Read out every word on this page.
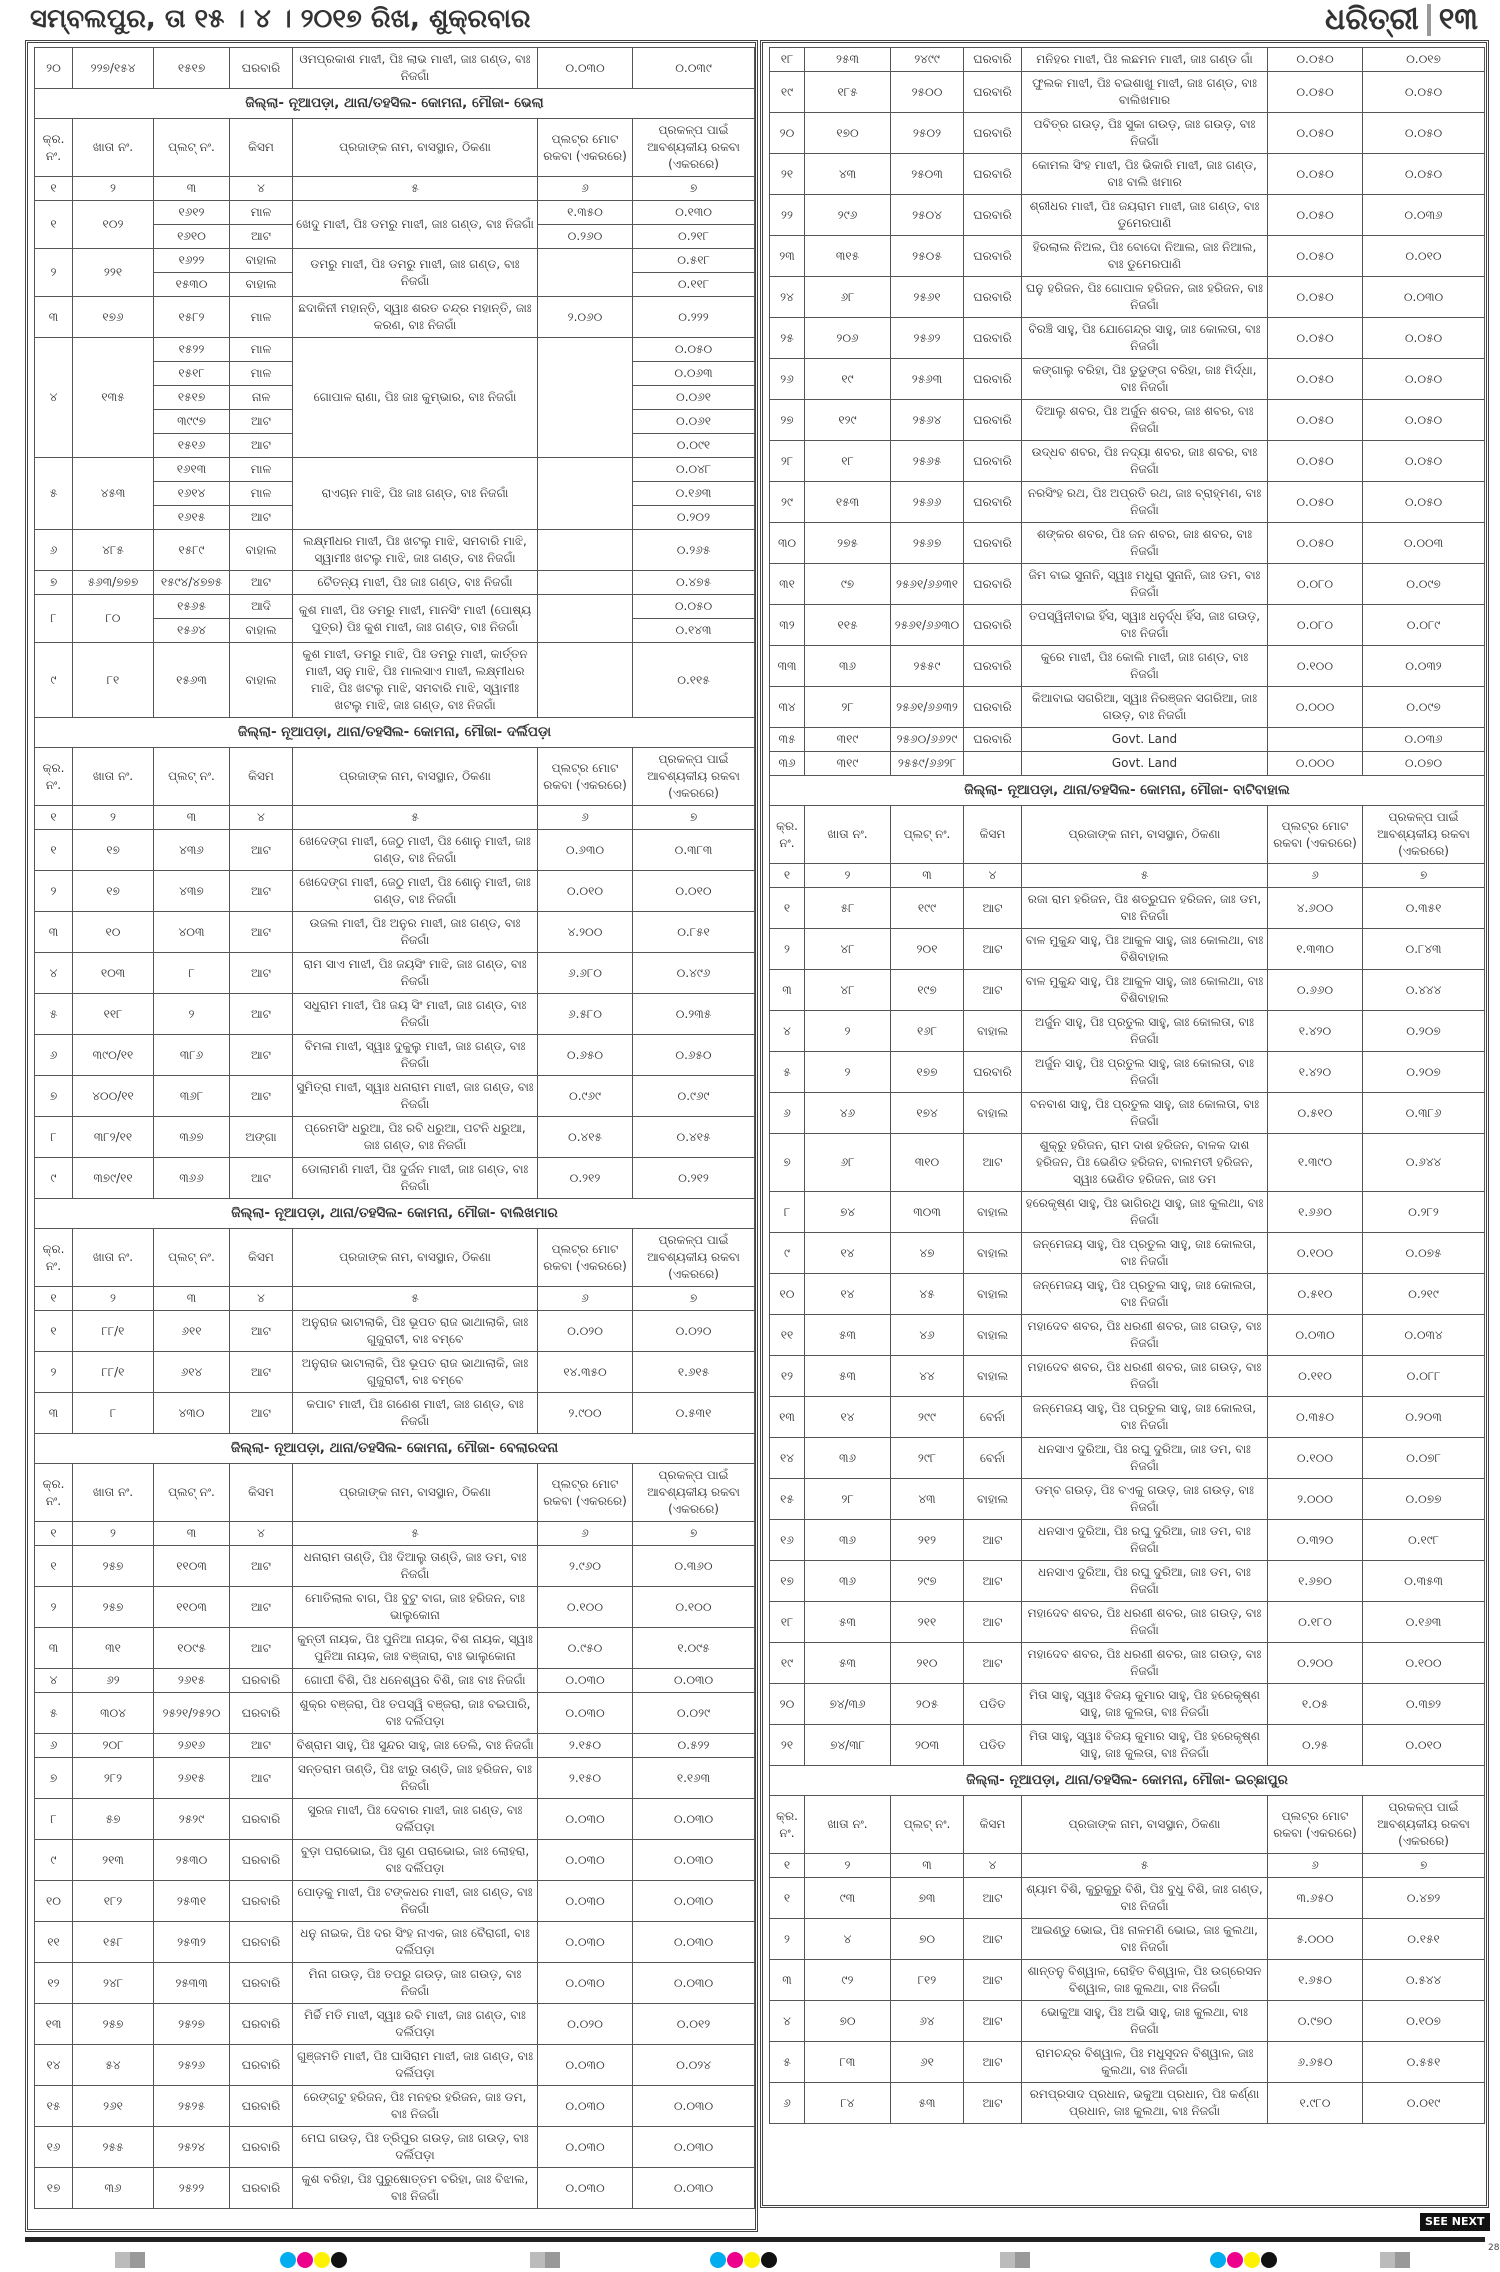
ସମ୍ବଲପୁର, ତା ୧୫ । ୪ । ୨୦୧୭ ରିଖ, ଶୁକ୍ରବାର	ଧରିତ୍ରୀ ୧୩
୨୦	୨୨୭/୧୫୪	୧୫୧୭	ଘରବାରି	ଓମପ୍ରକାଶ ମାଝୀ, ପିଃ ଲାଭ ମାଝୀ, ଜାଃ ଗଣ୍ଡ, ବାଃ ନିଜଗାଁ	୦.୦୩୦	୦.୦୩୯
ଜିଲ୍ଲା- ନୂଆପଡ଼ା, ଥାନା/ତହସିଲ- କୋମନା, ମୌଜା- ଭେଲା						
କ୍ର.ନଂ.	ଖାତା ନଂ.	ପ୍ଲଟ୍ ନଂ.	କିସମ	ପ୍ରଜାଙ୍କ ନାମ, ବାସସ୍ଥାନ, ଠିକଣା	ପ୍ଲଟ୍‌ର ମୋଟ ରକବା (ଏକରରେ)	ପ୍ରକଳ୍ପ ପାଇଁ ଆବଶ୍ୟକୀୟ ରକବା (ଏକରରେ)
୧	୨	୩	୪	୫	୬	୭
୧	୧୦୨	୧୬୧୨	ମାଳ	ଖେଦୁ ମାଝୀ, ପିଃ ଡମରୁ ମାଝୀ, ଜାଃ ଗଣ୍ଡ, ବାଃ ନିଜଗାଁ	୧.୩୫୦	୦.୧୩୦
		୧୬୧୦	ଆଟ		୦.୨୬୦	୦.୨୧୮
୨	୨୨୧	୧୬୨୨	ବାହାଲ	ଡମରୁ ମାଝୀ, ପିଃ ଡମରୁ ମାଝୀ, ଜାଃ ଗଣ୍ଡ, ବାଃ ନିଜଗାଁ		୦.୫୧୮
		୧୫୩୦	ବାହାଲ			୦.୧୧୮
୩	୧୭୬	୧୫୮୨	ମାଳ	ଛଦାକିନୀ ମହାନ୍ତି, ସ୍ୱାଃ ଶରତ ଚନ୍ଦ୍ର ମହାନ୍ତି, ଜାଃ କରଣ, ବାଃ ନିଜଗାଁ	୨.୦୬୦	୦.୨୨୨
୪	୧୩୫	୧୫୨୨	ମାଳ	ଗୋପାଳ ରାଣା, ପିଃ ଜାଃ କୁମ୍ଭାର, ବାଃ ନିଜଗାଁ		୦.୦୫୦
		୧୫୧୮	ମାଳ			୦.୦୬୩
		୧୫୧୭	ନାଳ			୦.୦୬୧
		୩୯୯୭	ଆଟ			୦.୦୬୧
		୧୫୧୬	ଆଟ			୦.୦୯୧
୫	୪୫୩	୧୬୧୩	ମାଳ	ରାଏଚାନ ମାଝି, ପିଃ ଜାଃ ଗଣ୍ଡ, ବାଃ ନିଜଗାଁ		୦.୦୪୮
		୧୬୧୪	ମାଳ			୦.୧୬୩
		୧୬୧୫	ଆଟ			୦.୨୦୨
୬	୪୮୫	୧୫୮୯	ବାହାଲ	ଲକ୍ଷ୍ମୀଧର ମାଝୀ, ପିଃ ଖଟଲୁ ମାଝି, ସମବାରି ମାଝି, ସ୍ୱାମୀଃ ଖଟଲୁ ମାଝି, ଜାଃ ଗଣ୍ଡ, ବାଃ ନିଜଗାଁ		୦.୨୬୫
୭	୫୬୩/୭୭୭	୧୫୯୪/୪୭୭୫	ଆଟ	ଚୈତନ୍ୟ ମାଝୀ, ପିଃ ଜାଃ ଗଣ୍ଡ, ବାଃ ନିଜଗାଁ		୦.୪୭୫
୮	୮୦	୧୫୬୫	ଆଦି	କୁଶ ମାଝୀ, ପିଃ ଡମରୁ ମାଝୀ, ମାନସିଂ ମାଝୀ (ପୋଷ୍ୟ ପୁତ୍ର) ପିଃ କୁଶ ମାଝୀ, ଜାଃ ଗଣ୍ଡ, ବାଃ ନିଜଗାଁ		୦.୦୫୦
		୧୫୬୪	ବାହାଲ			୦.୧୪୩
୯	୮୧	୧୫୬୩	ବାହାଲ	କୁଶ ମାଝୀ, ଡମରୁ ମାଝି, ପିଃ ଡମରୁ ମାଝୀ, କାର୍ତ୍ତନ ମାଝୀ, ସନୁ ମାଝି, ପିଃ ମାଲସାଏ ମାଝୀ, ଲକ୍ଷ୍ମୀଧର ମାଝି, ପିଃ ଖଟଲୁ ମାଝି, ସମବାରି ମାଝି, ସ୍ୱାମୀଃ ଖଟଲୁ ମାଝି, ଜାଃ ଗଣ୍ଡ, ବାଃ ନିଜଗାଁ		୦.୧୧୫
ଜିଲ୍ଲା- ନୂଆପଡ଼ା, ଥାନା/ତହସିଲ- କୋମନା, ମୌଜା- ଦର୍ଲିପଡ଼ା						
କ୍ର.ନଂ.	ଖାତା ନଂ.	ପ୍ଲଟ୍ ନଂ.	କିସମ	ପ୍ରଜାଙ୍କ ନାମ, ବାସସ୍ଥାନ, ଠିକଣା	ପ୍ଲଟ୍‌ର ମୋଟ ରକବା (ଏକରରେ)	ପ୍ରକଳ୍ପ ପାଇଁ ଆବଶ୍ୟକୀୟ ରକବା (ଏକରରେ)
୧	୨	୩	୪	୫	୬	୭
୧	୧୭	୪୩୬	ଆଟ	ଖେଦେଙ୍ଗ ମାଝୀ, ଜେଠୁ ମାଝୀ, ପିଃ ଶୋନୁ ମାଝୀ, ଜାଃ ଗଣ୍ଡ, ବାଃ ନିଜଗାଁ	୦.୬୩୦	୦.୩୮୩
୨	୧୭	୪୩୭	ଆଟ	ଖେଦେଙ୍ଗ ମାଝୀ, ଜେଠୁ ମାଝୀ, ପିଃ ଶୋନୁ ମାଝୀ, ଜାଃ ଗଣ୍ଡ, ବାଃ ନିଜଗାଁ	୦.୦୧୦	୦.୦୧୦
୩	୧୦	୪୦୩	ଆଟ	ଉଜଲ ମାଝୀ, ପିଃ ଅନୁର ମାଝୀ, ଜାଃ ଗଣ୍ଡ, ବାଃ ନିଜଗାଁ	୪.୨୦୦	୦.୮୫୧
୪	୧୦୩	୮	ଆଟ	ରାମ ସାଏ ମାଝୀ, ପିଃ ଜୟସିଂ ମାଝି, ଜାଃ ଗଣ୍ଡ, ବାଃ ନିଜଗାଁ	୬.୬୮୦	୦.୪୯୬
୫	୧୧୮	୨	ଆଟ	ସଧୁରାମ ମାଝୀ, ପିଃ ଜୟ ସିଂ ମାଝୀ, ଜାଃ ଗଣ୍ଡ, ବାଃ ନିଜଗାଁ	୬.୫୮୦	୦.୨୩୫
୬	୩୯୦/୧୧	୩୮୬	ଆଟ	ବିମଳା ମାଝୀ, ସ୍ୱାଃ ଦୁକୁଲୁ ମାଝୀ, ଜାଃ ଗଣ୍ଡ, ବାଃ ନିଜଗାଁ	୦.୬୫୦	୦.୬୫୦
୭	୪୦୦/୧୧	୩୬୮	ଆଟ	ସୁମିତ୍ରା ମାଝୀ, ସ୍ୱାଃ ଧନାରାମ ମାଝୀ, ଜାଃ ଗଣ୍ଡ, ବାଃ ନିଜଗାଁ	୦.୯୬୯	୦.୯୬୯
୮	୩୮୨/୧୧	୩୬୭	ଅଙ୍ଗା	ପ୍ରେମସିଂ ଧରୁଆ, ପିଃ ରବି ଧରୁଆ, ପଟନି ଧରୁଆ, ଜାଃ ଗଣ୍ଡ, ବାଃ ନିଜଗାଁ	୦.୪୧୫	୦.୪୧୫
୯	୩୭୯/୧୧	୩୬୬	ଆଟ	ଡୋଲାମଣି ମାଝୀ, ପିଃ ଦୁର୍ଜନ ମାଝୀ, ଜାଃ ଗଣ୍ଡ, ବାଃ ନିଜଗାଁ	୦.୨୧୨	୦.୨୧୨
ଜିଲ୍ଲା- ନୂଆପଡ଼ା, ଥାନା/ତହସିଲ- କୋମନା, ମୌଜା- ବାଲିଖମାର						
କ୍ର.ନଂ.	ଖାତା ନଂ.	ପ୍ଲଟ୍ ନଂ.	କିସମ	ପ୍ରଜାଙ୍କ ନାମ, ବାସସ୍ଥାନ, ଠିକଣା	ପ୍ଲଟ୍‌ର ମୋଟ ରକବା (ଏକରରେ)	ପ୍ରକଳ୍ପ ପାଇଁ ଆବଶ୍ୟକୀୟ ରକବା (ଏକରରେ)
୧	୨	୩	୪	୫	୬	୭
୧	୮୮/୧	୬୧୧	ଆଟ	ଅନୁରାଜ ଭାଟାଲାକି, ପିଃ ଭୂପତ ରାଜ ଭାଥାଲାକି, ଜାଃ ଗୁଜୁରାଟୀ, ବାଃ ବମ୍ବେ	୦.୦୨୦	୦.୦୨୦
୨	୮୮/୧	୬୧୪	ଆଟ	ଅନୁରାଜ ଭାଟାଲାକି, ପିଃ ଭୂପତ ରାଜ ଭାଥାଲାକି, ଜାଃ ଗୁଜୁରାଟୀ, ବାଃ ବମ୍ବେ	୧୪.୩୫୦	୧.୬୧୫
୩	୮	୪୩୦	ଆଟ	କପାଟ ମାଝୀ, ପିଃ ଗଣେଶ ମାଝୀ, ଜାଃ ଗଣ୍ଡ, ବାଃ ନିଜଗାଁ	୨.୯୦୦	୦.୫୩୧
ଜିଲ୍ଲା- ନୂଆପଡ଼ା, ଥାନା/ତହସିଲ- କୋମନା, ମୌଜା- ବେଲାରଦନା						
କ୍ର.ନଂ.	ଖାତା ନଂ.	ପ୍ଲଟ୍ ନଂ.	କିସମ	ପ୍ରଜାଙ୍କ ନାମ, ବାସସ୍ଥାନ, ଠିକଣା	ପ୍ଲଟ୍‌ର ମୋଟ ରକବା (ଏକରରେ)	ପ୍ରକଳ୍ପ ପାଇଁ ଆବଶ୍ୟକୀୟ ରକବା (ଏକରରେ)
୧	୨	୩	୪	୫	୬	୭
୧	୨୫୭	୧୧୦୩	ଆଟ	ଧନାରାମ ତାଣ୍ଡି, ପିଃ ଦିଆଲୁ ତାଣ୍ଡି, ଜାଃ ଡମ, ବାଃ ନିଜଗାଁ	୨.୯୬୦	୦.୩୬୦
୨	୨୫୭	୧୧୦୩	ଆଟ	ମୋତିଲାଲ ବାଗ, ପିଃ ବୁଟୁ ବାଗ, ଜାଃ ହରିଜନ, ବାଃ ଭାଲୁକୋନା	୦.୧୦୦	୦.୧୦୦
୩	୩୧	୧୦୯୫	ଆଟ	କୁନ୍ତୀ ନାୟକ, ପିଃ ପୁନିଆ ନାୟକ, ବିଶ ନାୟକ, ସ୍ୱାଃ ପୁନିଆ ନାୟକ, ଜାଃ ବଞ୍ଜାରା, ବାଃ ଭାଲୁକୋନା	୦.୯୫୦	୧.୦୯୫
୪	୬୨	୨୬୧୫	ଘରବାରି	ଗୋପୀ ବିଶି, ପିଃ ଧନେଶ୍ୱର ବିଶି, ଜାଃ ବାଃ ନିଜଗାଁ	୦.୦୩୦	୦.୦୩୦
୫	୩୦୪	୨୫୨୧/୨୫୨୦	ଘରବାରି	ଶୁକ୍ର ବଞ୍ଜରା, ପିଃ ତପସ୍ୱି ବଞ୍ଜରା, ଜାଃ ବଇପାରି, ବାଃ ଦର୍ଲିପଡ଼ା	୦.୦୩୦	୦.୦୨୯
୬	୨୦୮	୨୬୧୬	ଆଟ	ବିଶ୍ରାମ ସାହୁ, ପିଃ ସୁନ୍ଦର ସାହୁ, ଜାଃ ତେଲି, ବାଃ ନିଜଗାଁ	୨.୧୫୦	୦.୫୨୨
୭	୨୮୨	୨୬୧୫	ଆଟ	ସନ୍ତରାମ ତାଣ୍ଡି, ପିଃ ଝାରୁ ତାଣ୍ଡି, ଜାଃ ହରିଜନ, ବାଃ ନିଜଗାଁ	୨.୧୫୦	୧.୧୬୩
୮	୫୭	୨୫୨୯	ଘରବାରି	ସୁରଜ ମାଝୀ, ପିଃ ଦେବାର ମାଝୀ, ଜାଃ ଗଣ୍ଡ, ବାଃ ଦର୍ଲିପଡ଼ା	୦.୦୩୦	୦.୦୩୦
୯	୨୧୩	୨୫୩୦	ଘରବାରି	ବୁଡ଼ା ପରାଭୋଇ, ପିଃ ଗୁଣ ପରାଭୋଇ, ଜାଃ ଲୋହରା, ବାଃ ଦର୍ଲିପଡ଼ା	୦.୦୩୦	୦.୦୩୦
୧୦	୧୮୨	୨୫୩୧	ଘରବାରି	ପୋଡ଼କୁ ମାଝୀ, ପିଃ ଟଙ୍କଧର ମାଝୀ, ଜାଃ ଗଣ୍ଡ, ବାଃ ନିଜଗାଁ	୦.୦୩୦	୦.୦୩୦
୧୧	୧୫୮	୨୫୩୨	ଘରବାରି	ଧନୁ ନାଇକ, ପିଃ ଦର ସିଂହ ନାଏକ, ଜାଃ ବୈରାଗୀ, ବାଃ ଦର୍ଲିପଡ଼ା	୦.୦୩୦	୦.୦୩୦
୧୨	୨୪୮	୨୫୩୩	ଘରବାରି	ମିନା ଗଉଡ଼, ପିଃ ତପରୁ ଗଉଡ଼, ଜାଃ ଗଉଡ଼, ବାଃ ନିଜଗାଁ	୦.୦୩୦	୦.୦୩୦
୧୩	୨୫୭	୨୫୨୭	ଘରବାରି	ମିର୍ଚ୍ଚି ମତି ମାଝୀ, ସ୍ୱାଃ ରବି ମାଝୀ, ଜାଃ ଗଣ୍ଡ, ବାଃ ଦର୍ଲିପଡ଼ା	୦.୦୨୦	୦.୦୧୨
୧୪	୫୪	୨୫୨୬	ଘରବାରି	ଗୁଞ୍ଜମତି ମାଝୀ, ପିଃ ଘାସିରାମ ମାଝୀ, ଜାଃ ଗଣ୍ଡ, ବାଃ ଦର୍ଲିପଡ଼ା	୦.୦୩୦	୦.୦୨୪
୧୫	୨୬୧	୨୫୨୫	ଘରବାରି	ରେଙ୍ଗଟୁ ହରିଜନ, ପିଃ ମନହର ହରିଜନ, ଜାଃ ଡମ, ବାଃ ନିଜଗାଁ	୦.୦୩୦	୦.୦୩୦
୧୬	୨୫୫	୨୫୨୪	ଘରବାରି	ମେଘ ଗଉଡ଼, ପିଃ ତ୍ରିପୁର ଗଉଡ଼, ଜାଃ ଗଉଡ଼, ବାଃ ଦର୍ଲିପଡ଼ା	୦.୦୩୦	୦.୦୩୦
୧୭	୩୬	୨୫୨୨	ଘରବାରି	କୁଶ ବରିହା, ପିଃ ପୁରୁଷୋତ୍ତମ ବରିହା, ଜାଃ ବିଝାଲ, ବାଃ ନିଜଗାଁ	୦.୦୩୦	୦.୦୩୦
୧୮	୨୫୩	୨୪୯୯	ଘରବାରି	ମନିହର ମାଝୀ, ପିଃ ଲଛମନ ମାଝୀ, ଜାଃ ଗଣ୍ଡ ଗାଁ	୦.୦୫୦	୦.୦୧୭
୧୯	୧୮୫	୨୫୦୦	ଘରବାରି	ଫୁଲକ ମାଝୀ, ପିଃ ବଇଶାଖୁ ମାଝୀ, ଜାଃ ଗଣ୍ଡ, ବାଃ ବାଲିଖମାର	୦.୦୫୦	୦.୦୫୦
୨୦	୧୭୦	୨୫୦୨	ଘରବାରି	ପବିତ୍ର ଗଉଡ଼, ପିଃ ସୁକା ଗଉଡ଼, ଜାଃ ଗଉଡ଼, ବାଃ ନିଜଗାଁ	୦.୦୫୦	୦.୦୫୦
୨୧	୪୩	୨୫୦୩	ଘରବାରି	କୋମଲ ସିଂହ ମାଝୀ, ପିଃ ଭିକାରି ମାଝୀ, ଜାଃ ଗଣ୍ଡ, ବାଃ ବାଲି ଖମାର	୦.୦୫୦	୦.୦୫୦
୨୨	୨୯୬	୨୫୦୪	ଘରବାରି	ଶ୍ରୀଧର ମାଝୀ, ପିଃ ଜୟରାମ ମାଝୀ, ଜାଃ ଗଣ୍ଡ, ବାଃ ଡୁମେରପାଣି	୦.୦୫୦	୦.୦୩୬
୨୩	୩୧୫	୨୫୦୫	ଘରବାରି	ହିରଲାଲ ନିଅଲ, ପିଃ ବୋଦୋ ନିଆଲ, ଜାଃ ନିଆଲ, ବାଃ ଡୁମେରପାଣି	୦.୦୫୦	୦.୦୧୦
୨୪	୬୮	୨୫୬୧	ଘରବାରି	ଘନୁ ହରିଜନ, ପିଃ ଗୋପାଳ ହରିଜନ, ଜାଃ ହରିଜନ, ବାଃ ନିଜଗାଁ	୦.୦୫୦	୦.୦୩୦
୨୫	୨୦୬	୨୫୬୨	ଘରବାରି	ବିରଞ୍ଚି ସାହୁ, ପିଃ ଯୋଗେନ୍ଦ୍ର ସାହୁ, ଜାଃ କୋଲତା, ବାଃ ନିଜଗାଁ	୦.୦୫୦	୦.୦୫୦
୨୬	୧୯	୨୫୬୩	ଘରବାରି	କଙ୍ଗାଲୁ ବରିହା, ପିଃ ଡୁଡୁଙ୍ଗ ବରିହା, ଜାଃ ମିର୍ଦ୍ଧା, ବାଃ ନିଜଗାଁ	୦.୦୫୦	୦.୦୫୦
୨୭	୧୨୯	୨୫୬୪	ଘରବାରି	ଦିଆଲୁ ଶବର, ପିଃ ଅର୍ଜୁନ ଶବର, ଜାଃ ଶବର, ବାଃ ନିଜଗାଁ	୦.୦୫୦	୦.୦୫୦
୨୮	୧୮	୨୫୬୫	ଘରବାରି	ଉଦ୍ଧବ ଶବର, ପିଃ ନଦ୍ୟା ଶବର, ଜାଃ ଶବର, ବାଃ ନିଜଗାଁ	୦.୦୫୦	୦.୦୫୦
୨୯	୧୫୩	୨୫୬୬	ଘରବାରି	ନରସିଂହ ରଥ, ପିଃ ଅପ୍ରତି ରଥ, ଜାଃ ବ୍ରାହ୍ମଣ, ବାଃ ନିଜଗାଁ	୦.୦୫୦	୦.୦୫୦
୩୦	୨୭୫	୨୫୬୭	ଘରବାରି	ଶଙ୍କର ଶବର, ପିଃ ଜନ ଶବର, ଜାଃ ଶବର, ବାଃ ନିଜଗାଁ	୦.୦୫୦	୦.୦୦୩
୩୧	୯୭	୨୫୬୧/୬୬୩୧	ଘରବାରି	ଜିମ ବାଇ ସୁନାନି, ସ୍ୱାଃ ମଧୁରା ସୁନାନି, ଜାଃ ଡମ, ବାଃ ନିଜଗାଁ	୦.୦୮୦	୦.୦୯୭
୩୨	୧୧୫	୨୫୬୧/୬୬୩୦	ଘରବାରି	ତପସ୍ୱିନୀବାଇ ହିଁସ, ସ୍ୱାଃ ଧନୁର୍ଦ୍ଧ ହିଁସ, ଜାଃ ଗଉଡ଼, ବାଃ ନିଜଗାଁ	୦.୦୮୦	୦.୦୮୯
୩୩	୩୬	୨୫୫୯	ଘରବାରି	କୁରେ ମାଝୀ, ପିଃ କୋଲି ମାଝୀ, ଜାଃ ଗଣ୍ଡ, ବାଃ ନିଜଗାଁ	୦.୧୦୦	୦.୦୩୨
୩୪	୨୮	୨୫୬୧/୬୬୩୨	ଘରବାରି	କିଆବାଇ ସଗରିଆ, ସ୍ୱାଃ ନିରଞ୍ଜନ ସଗରିଆ, ଜାଃ ଗଉଡ଼, ବାଃ ନିଜଗାଁ	୦.୦୦୦	୦.୦୯୭
୩୫	୩୧୯	୨୫୬୦/୬୬୨୯	ଘରବାରି	Govt. Land		୦.୦୩୬
୩୬	୩୧୯	୨୫୫୯/୬୬୨୮		Govt. Land	୦.୦୦୦	୦.୦୭୦
ଜିଲ୍ଲା- ନୂଆପଡ଼ା, ଥାନା/ତହସିଲ- କୋମନା, ମୌଜା- ବାଟିବାହାଲ						
କ୍ର.ନଂ.	ଖାତା ନଂ.	ପ୍ଲଟ୍ ନଂ.	କିସମ	ପ୍ରଜାଙ୍କ ନାମ, ବାସସ୍ଥାନ, ଠିକଣା	ପ୍ଲଟ୍‌ର ମୋଟ ରକବା (ଏକରରେ)	ପ୍ରକଳ୍ପ ପାଇଁ ଆବଶ୍ୟକୀୟ ରକବା (ଏକରରେ)
୧	୨	୩	୪	୫	୬	୭
୧	୫୮	୧୯୯	ଆଟ	ରଜା ରାମ ହରିଜନ, ପିଃ ଶତ୍ରୁଘନ ହରିଜନ, ଜାଃ ଡମ, ବାଃ ନିଜଗାଁ	୪.୬୦୦	୦.୩୫୧
୨	୪୮	୨୦୧	ଆଟ	ବାଳ ମୁକୁନ୍ଦ ସାହୁ, ପିଃ ଆକୁଳ ସାହୁ, ଜାଃ କୋଲଥା, ବାଃ ବିଶିବାହାଲ	୧.୩୩୦	୦.୮୪୩
୩	୪୮	୧୯୭	ଆଟ	ବାଳ ମୁକୁନ୍ଦ ସାହୁ, ପିଃ ଆକୁଳ ସାହୁ, ଜାଃ କୋଲଥା, ବାଃ ବିଶିବାହାଲ	୦.୬୬୦	୦.୪୪୪
୪	୨	୧୬୮	ବାହାଲ	ଅର୍ଜୁନ ସାହୁ, ପିଃ ପ୍ରତୁଲ ସାହୁ, ଜାଃ କୋଲତା, ବାଃ ନିଜଗାଁ	୧.୪୨୦	୦.୨୦୭
୫	୨	୧୭୭	ଘରବାରି	ଅର୍ଜୁନ ସାହୁ, ପିଃ ପ୍ରତୁଲ ସାହୁ, ଜାଃ କୋଲତା, ବାଃ ନିଜଗାଁ	୧.୪୨୦	୦.୨୦୭
୬	୪୬	୧୭୪	ବାହାଲ	ବନବାଶ ସାହୁ, ପିଃ ପ୍ରତୁଲ ସାହୁ, ଜାଃ କୋଲତା, ବାଃ ନିଜଗାଁ	୦.୫୧୦	୦.୩୮୬
୭	୬୮	୩୧୦	ଆଟ	ଶୁକ୍ରୁ ହରିଜନ, ରାମ ଦାଶ ହରିଜନ, ବାଳକ ଦାଶ ହରିଜନ, ପିଃ ଭେଣିଡ ହରିଜନ, ବାଲମତୀ ହରିଜନ, ସ୍ୱାଃ ଭେଣିଡ ହରିଜନ, ଜାଃ ଡମ	୧.୩୯୦	୦.୬୪୪
୮	୭୪	୩୦୩	ବାହାଲ	ହରେକୃଷ୍ଣ ସାହୁ, ପିଃ ଭାଗିରଥି ସାହୁ, ଜାଃ କୁଲଥା, ବାଃ ନିଜଗାଁ	୧.୬୬୦	୦.୨୮୨
୯	୧୪	୪୭	ବାହାଲ	ଜନ୍ମେଜୟ ସାହୁ, ପିଃ ପ୍ରତୁଲ ସାହୁ, ଜାଃ କୋଲତା, ବାଃ ନିଜଗାଁ	୦.୧୦୦	୦.୦୭୫
୧୦	୧୪	୪୫	ବାହାଲ	ଜନ୍ମେଜୟ ସାହୁ, ପିଃ ପ୍ରତୁଲ ସାହୁ, ଜାଃ କୋଲତା, ବାଃ ନିଜଗାଁ	୦.୫୧୦	୦.୨୧୯
୧୧	୫୩	୪୬	ବାହାଲ	ମହାଦେବ ଶବର, ପିଃ ଧରଣୀ ଶବର, ଜାଃ ଗଉଡ଼, ବାଃ ନିଜଗାଁ	୦.୦୩୦	୦.୦୩୪
୧୨	୫୩	୪୪	ବାହାଲ	ମହାଦେବ ଶବର, ପିଃ ଧରଣୀ ଶବର, ଜାଃ ଗଉଡ଼, ବାଃ ନିଜଗାଁ	୦.୧୧୦	୦.୦୮୮
୧୩	୧୪	୨୯୯	ବେର୍ନା	ଜନ୍ମେଜୟ ସାହୁ, ପିଃ ପ୍ରତୁଲ ସାହୁ, ଜାଃ କୋଲତା, ବାଃ ନିଜଗାଁ	୦.୩୫୦	୦.୨୦୩
୧୪	୩୬	୨୯୮	ବେର୍ନା	ଧନସାଏ ଦୁରିଆ, ପିଃ ରଘୁ ଦୁରିଆ, ଜାଃ ଡମ, ବାଃ ନିଜଗାଁ	୦.୧୦୦	୦.୦୭୮
୧୫	୨୮	୪୩	ବାହାଲ	ଡମ୍ବ ଗଉଡ଼, ପିଃ ବଏକୁ ଗଉଡ଼, ଜାଃ ଗଉଡ଼, ବାଃ ନିଜଗାଁ	୨.୦୦୦	୦.୦୭୭
୧୬	୩୬	୨୧୨	ଆଟ	ଧନସାଏ ଦୁରିଆ, ପିଃ ରଘୁ ଦୁରିଆ, ଜାଃ ଡମ, ବାଃ ନିଜଗାଁ	୦.୩୨୦	୦.୧୯୮
୧୭	୩୬	୨୯୭	ଆଟ	ଧନସାଏ ଦୁରିଆ, ପିଃ ରଘୁ ଦୁରିଆ, ଜାଃ ଡମ, ବାଃ ନିଜଗାଁ	୧.୬୭୦	୦.୩୫୩
୧୮	୫୩	୨୧୧	ଆଟ	ମହାଦେବ ଶବର, ପିଃ ଧରଣୀ ଶବର, ଜାଃ ଗଉଡ଼, ବାଃ ନିଜଗାଁ	୦.୧୮୦	୦.୧୬୩
୧୯	୫୩	୨୧୦	ଆଟ	ମହାଦେବ ଶବର, ପିଃ ଧରଣୀ ଶବର, ଜାଃ ଗଉଡ଼, ବାଃ ନିଜଗାଁ	୦.୨୦୦	୦.୧୦୦
୨୦	୭୪/୩୬	୨୦୫	ପଡିତ	ମିତା ସାହୁ, ସ୍ୱାଃ ବିଜୟ କୁମାର ସାହୁ, ପିଃ ହରେକୃଷ୍ଣ ସାହୁ, ଜାଃ କୁଲତା, ବାଃ ନିଜଗାଁ	୧.୦୫	୦.୩୭୨
୨୧	୭୪/୩୮	୨୦୩	ପଡିତ	ମିତା ସାହୁ, ସ୍ୱାଃ ବିଜୟ କୁମାର ସାହୁ, ପିଃ ହରେକୃଷ୍ଣ ସାହୁ, ଜାଃ କୁଲତା, ବାଃ ନିଜଗାଁ	୦.୨୫	୦.୦୧୦
ଜିଲ୍ଲା- ନୂଆପଡ଼ା, ଥାନା/ତହସିଲ- କୋମନା, ମୌଜା- ଇଚ୍ଛାପୁର						
କ୍ର.ନଂ.	ଖାତା ନଂ.	ପ୍ଲଟ୍ ନଂ.	କିସମ	ପ୍ରଜାଙ୍କ ନାମ, ବାସସ୍ଥାନ, ଠିକଣା	ପ୍ଲଟ୍‌ର ମୋଟ ରକବା (ଏକରରେ)	ପ୍ରକଳ୍ପ ପାଇଁ ଆବଶ୍ୟକୀୟ ରକବା (ଏକରରେ)
୧	୨	୩	୪	୫	୬	୭
୧	୯୩	୭୩	ଆଟ	ଶ୍ୟାମ ବିଶି, କୁରୁକୁରୁ ବିଶି, ପିଃ ବୁଧୁ ବିଶି, ଜାଃ ଗଣ୍ଡ, ବାଃ ନିଜଗାଁ	୩.୬୫୦	୦.୪୭୨
୨	୪	୭୦	ଆଟ	ଆଇଣ୍ଡୁ ଭୋଇ, ପିଃ ନାଳମଣି ଭୋଇ, ଜାଃ କୁଲଥା, ବାଃ ନିଜଗାଁ	୫.୦୦୦	୦.୧୫୧
୩	୯୨	୮୧୨	ଆଟ	ଶାନ୍ତନୁ ବିଶ୍ୱାଳ, ରୋହିତ ବିଶ୍ୱାଳ, ପିଃ ଉଗ୍ରେସନ ବିଶ୍ୱାଳ, ଜାଃ କୁଲଥା, ବାଃ ନିଜଗାଁ	୧.୬୫୦	୦.୫୪୪
୪	୭୦	୬୪	ଆଟ	ଭୋକୁଆ ସାହୁ, ପିଃ ଅଭି ସାହୁ, ଜାଃ କୁଲଥା, ବାଃ ନିଜଗାଁ	୦.୯୭୦	୦.୧୦୭
୫	୮୩	୬୧	ଆଟ	ରାମଚନ୍ଦ୍ର ବିଶ୍ୱାଳ, ପିଃ ମଧୁସୂଦନ ବିଶ୍ୱାଳ, ଜାଃ କୁଲଥା, ବାଃ ନିଜଗାଁ	୬.୬୫୦	୦.୫୫୧
୬	୮୪	୫୩	ଆଟ	ରମପ୍ରସାଦ ପ୍ରଧାନ, ଭକୁଆ ପ୍ରଧାନ, ପିଃ କର୍ଣ୍ଣା ପ୍ରଧାନ, ଜାଃ କୁଲଥା, ବାଃ ନିଜଗାଁ	୧.୯୮୦	୦.୦୧୯
SEE NEXT
28
